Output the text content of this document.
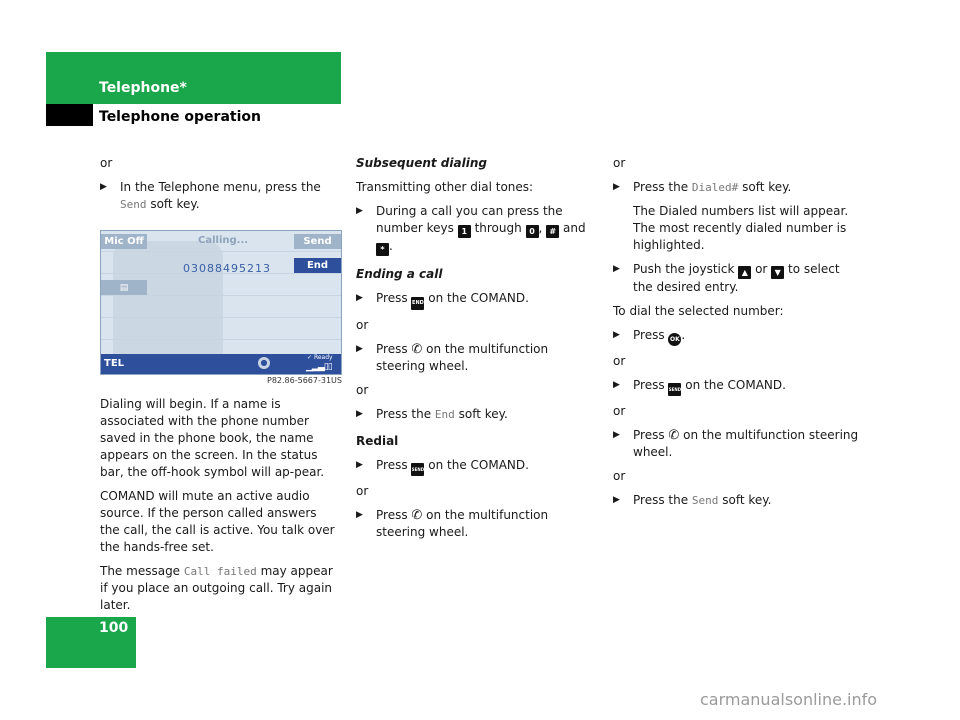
Telephone*
Telephone operation

or

▶	In the Telephone menu, press the Send soft key.
Mic Off	Calling...	Send
03088495213	End
▤
TEL	●
✓ Ready
▁▂▃▯▯
P82.86-5667-31US

Dialing will begin. If a name is associated with the phone number saved in the phone book, the name appears on the screen. In the status bar, the off-hook symbol will ap-pear.

COMAND will mute an active audio source. If the person called answers the call, the call is active. You talk over the hands-free set.

The message Call failed may appear if you place an outgoing call. Try again later.

Subsequent dialing

Transmitting other dial tones:

▶	During a call you can press the number keys 1 through 0 , # and * .

Ending a call

▶	Press END on the COMAND.

or

▶	Press ✆ on the multifunction steering wheel.

or

▶	Press the End soft key.

Redial

▶	Press SEND on the COMAND.

or

▶	Press ✆ on the multifunction steering wheel.

or

▶	Press the Dialed# soft key.

The Dialed numbers list will appear. The most recently dialed number is highlighted.

▶	Push the joystick ▲ or ▼ to select the desired entry.

To dial the selected number:

▶	Press OK .

or

▶	Press SEND on the COMAND.

or

▶	Press ✆ on the multifunction steering wheel.

or

▶	Press the Send soft key.
100
carmanualsonline.info
